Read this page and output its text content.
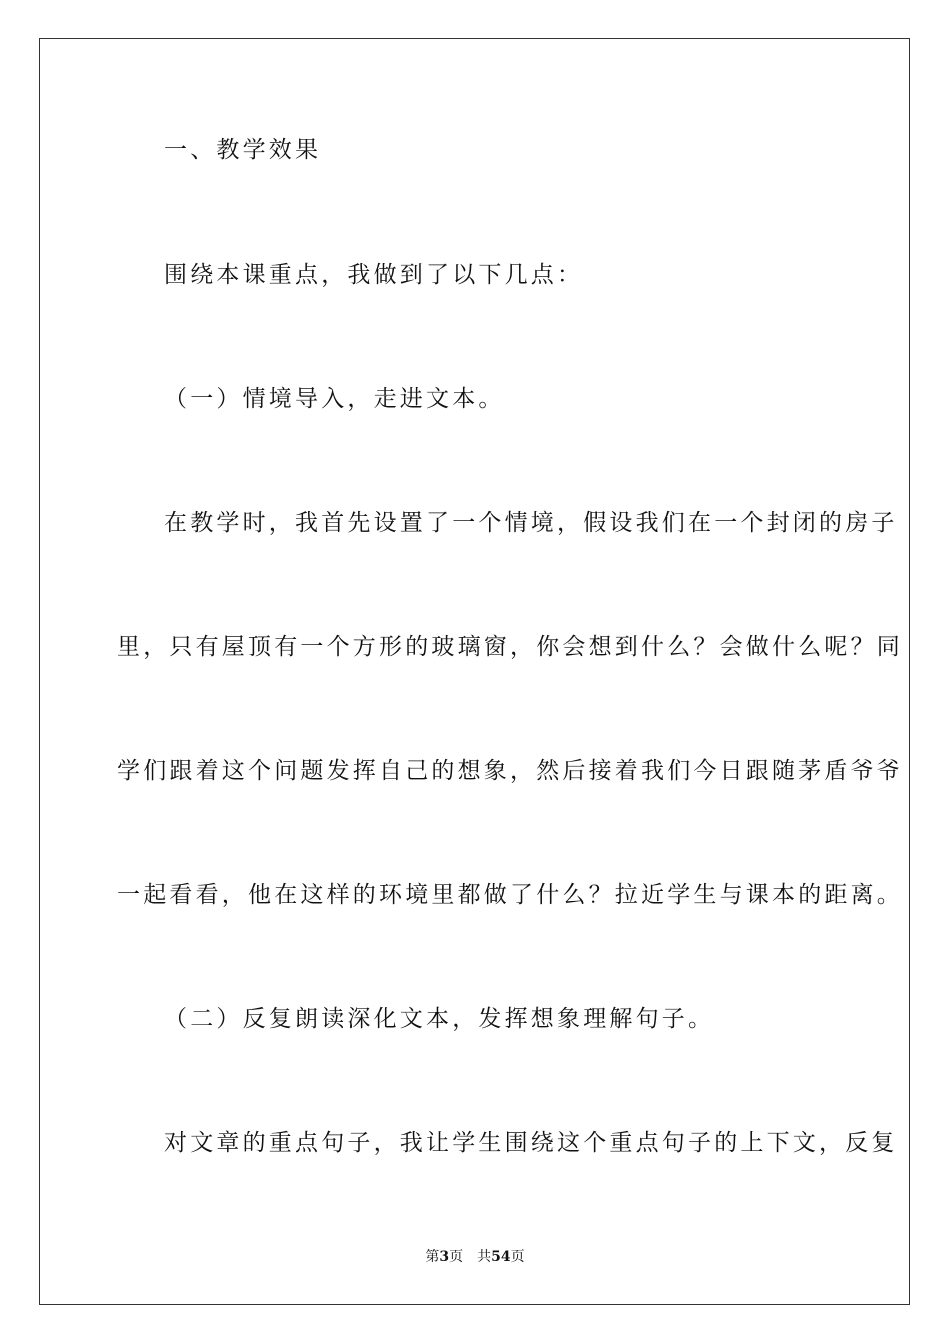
一、教学效果
围绕本课重点，我做到了以下几点：
（一）情境导入，走进文本。
在教学时，我首先设置了一个情境，假设我们在一个封闭的房子
里，只有屋顶有一个方形的玻璃窗，你会想到什么？会做什么呢？同
学们跟着这个问题发挥自己的想象，然后接着我们今日跟随茅盾爷爷
一起看看，他在这样的环境里都做了什么？拉近学生与课本的距离。
（二）反复朗读深化文本，发挥想象理解句子。
对文章的重点句子，我让学生围绕这个重点句子的上下文，反复
第3页 共54页
